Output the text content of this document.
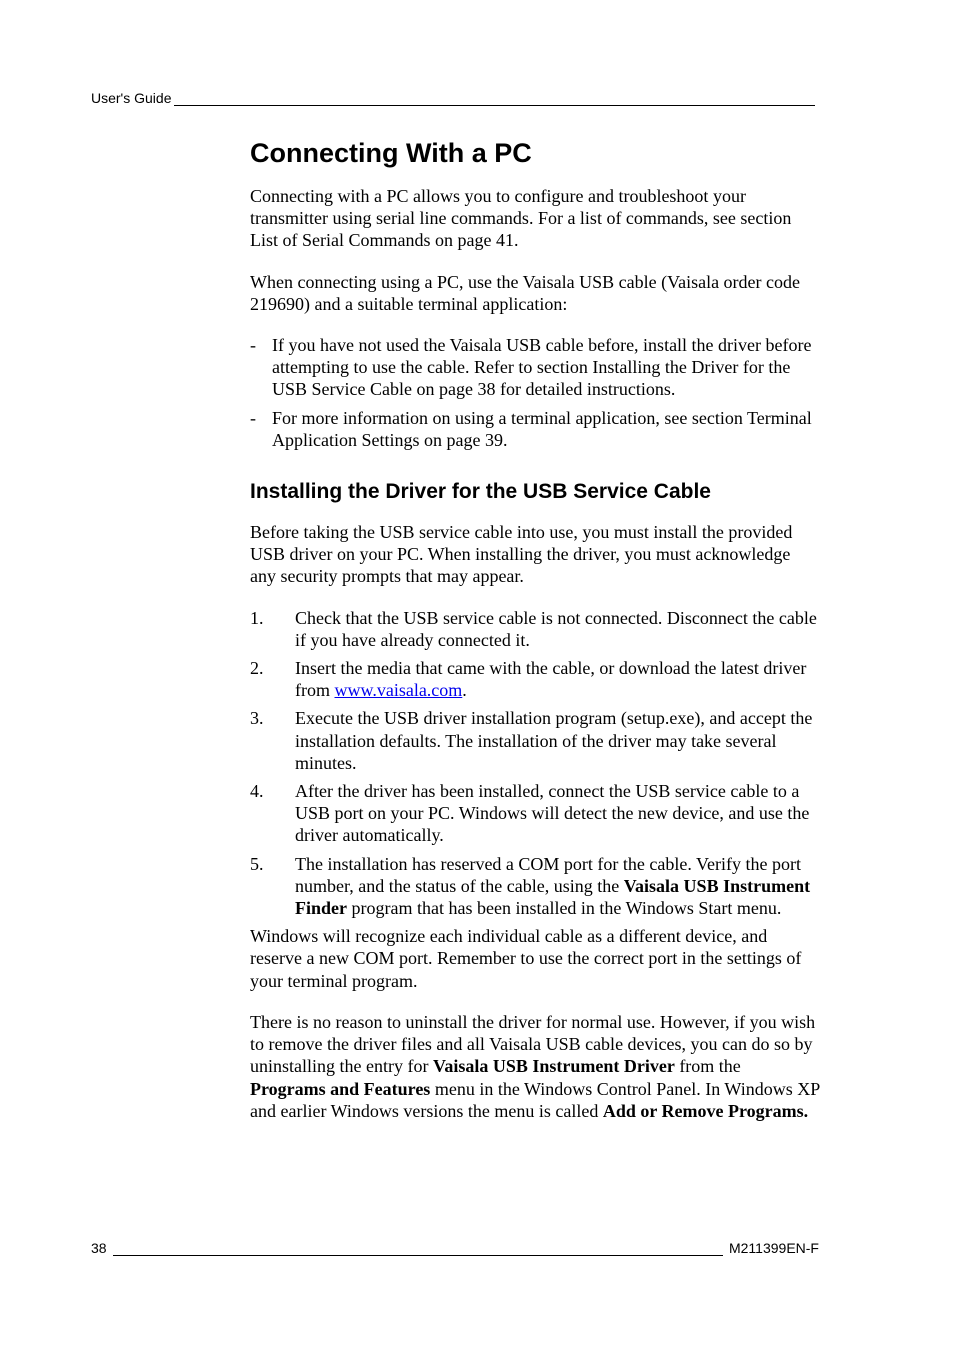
User's Guide
Connecting With a PC

Connecting with a PC allows you to configure and troubleshoot your transmitter using serial line commands. For a list of commands, see section List of Serial Commands on page 41.

When connecting using a PC, use the Vaisala USB cable (Vaisala order code 219690) and a suitable terminal application:

- If you have not used the Vaisala USB cable before, install the driver before attempting to use the cable. Refer to section Installing the Driver for the USB Service Cable on page 38 for detailed instructions.
- For more information on using a terminal application, see section Terminal Application Settings on page 39.
Installing the Driver for the USB Service Cable

Before taking the USB service cable into use, you must install the provided USB driver on your PC. When installing the driver, you must acknowledge any security prompts that may appear.

1. Check that the USB service cable is not connected. Disconnect the cable if you have already connected it.
2. Insert the media that came with the cable, or download the latest driver from www.vaisala.com.
3. Execute the USB driver installation program (setup.exe), and accept the installation defaults. The installation of the driver may take several minutes.
4. After the driver has been installed, connect the USB service cable to a USB port on your PC. Windows will detect the new device, and use the driver automatically.
5. The installation has reserved a COM port for the cable. Verify the port number, and the status of the cable, using the Vaisala USB Instrument Finder program that has been installed in the Windows Start menu.

Windows will recognize each individual cable as a different device, and reserve a new COM port. Remember to use the correct port in the settings of your terminal program.

There is no reason to uninstall the driver for normal use. However, if you wish to remove the driver files and all Vaisala USB cable devices, you can do so by uninstalling the entry for Vaisala USB Instrument Driver from the Programs and Features menu in the Windows Control Panel. In Windows XP and earlier Windows versions the menu is called Add or Remove Programs.

38	M211399EN-F
